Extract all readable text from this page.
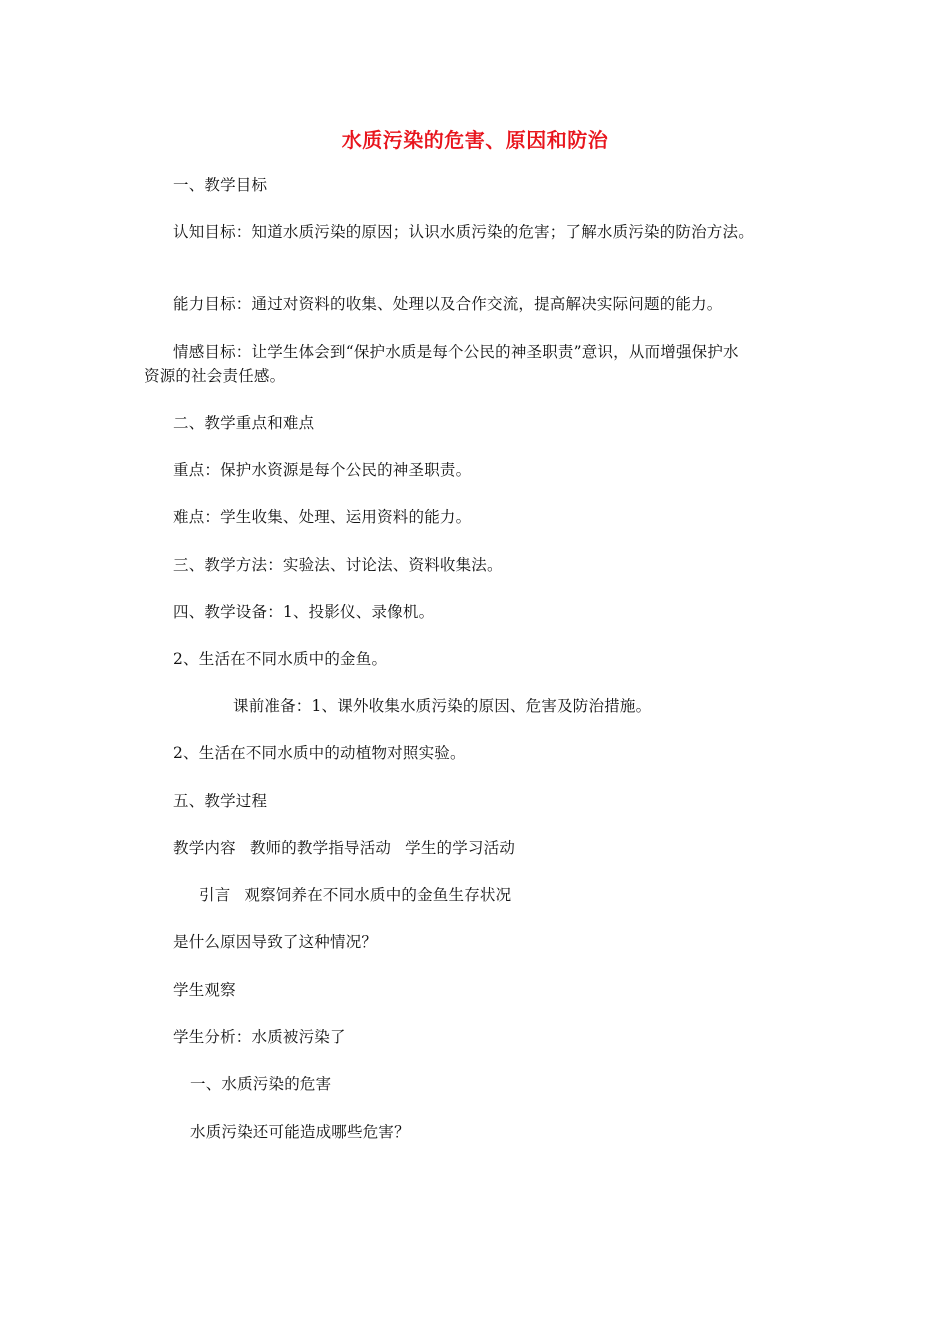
水质污染的危害、原因和防治
一、教学目标
认知目标：知道水质污染的原因；认识水质污染的危害；了解水质污染的防治方法。
能力目标：通过对资料的收集、处理以及合作交流，提高解决实际问题的能力。
情感目标：让学生体会到“保护水质是每个公民的神圣职责”意识，从而增强保护水
资源的社会责任感。
二、教学重点和难点
重点：保护水资源是每个公民的神圣职责。
难点：学生收集、处理、运用资料的能力。
三、教学方法：实验法、讨论法、资料收集法。
四、教学设备：1、投影仪、录像机。
2、生活在不同水质中的金鱼。
课前准备：1、课外收集水质污染的原因、危害及防治措施。
2、生活在不同水质中的动植物对照实验。
五、教学过程
教学内容 教师的教学指导活动 学生的学习活动
引言 观察饲养在不同水质中的金鱼生存状况
是什么原因导致了这种情况？
学生观察
学生分析：水质被污染了
一、水质污染的危害
水质污染还可能造成哪些危害？
